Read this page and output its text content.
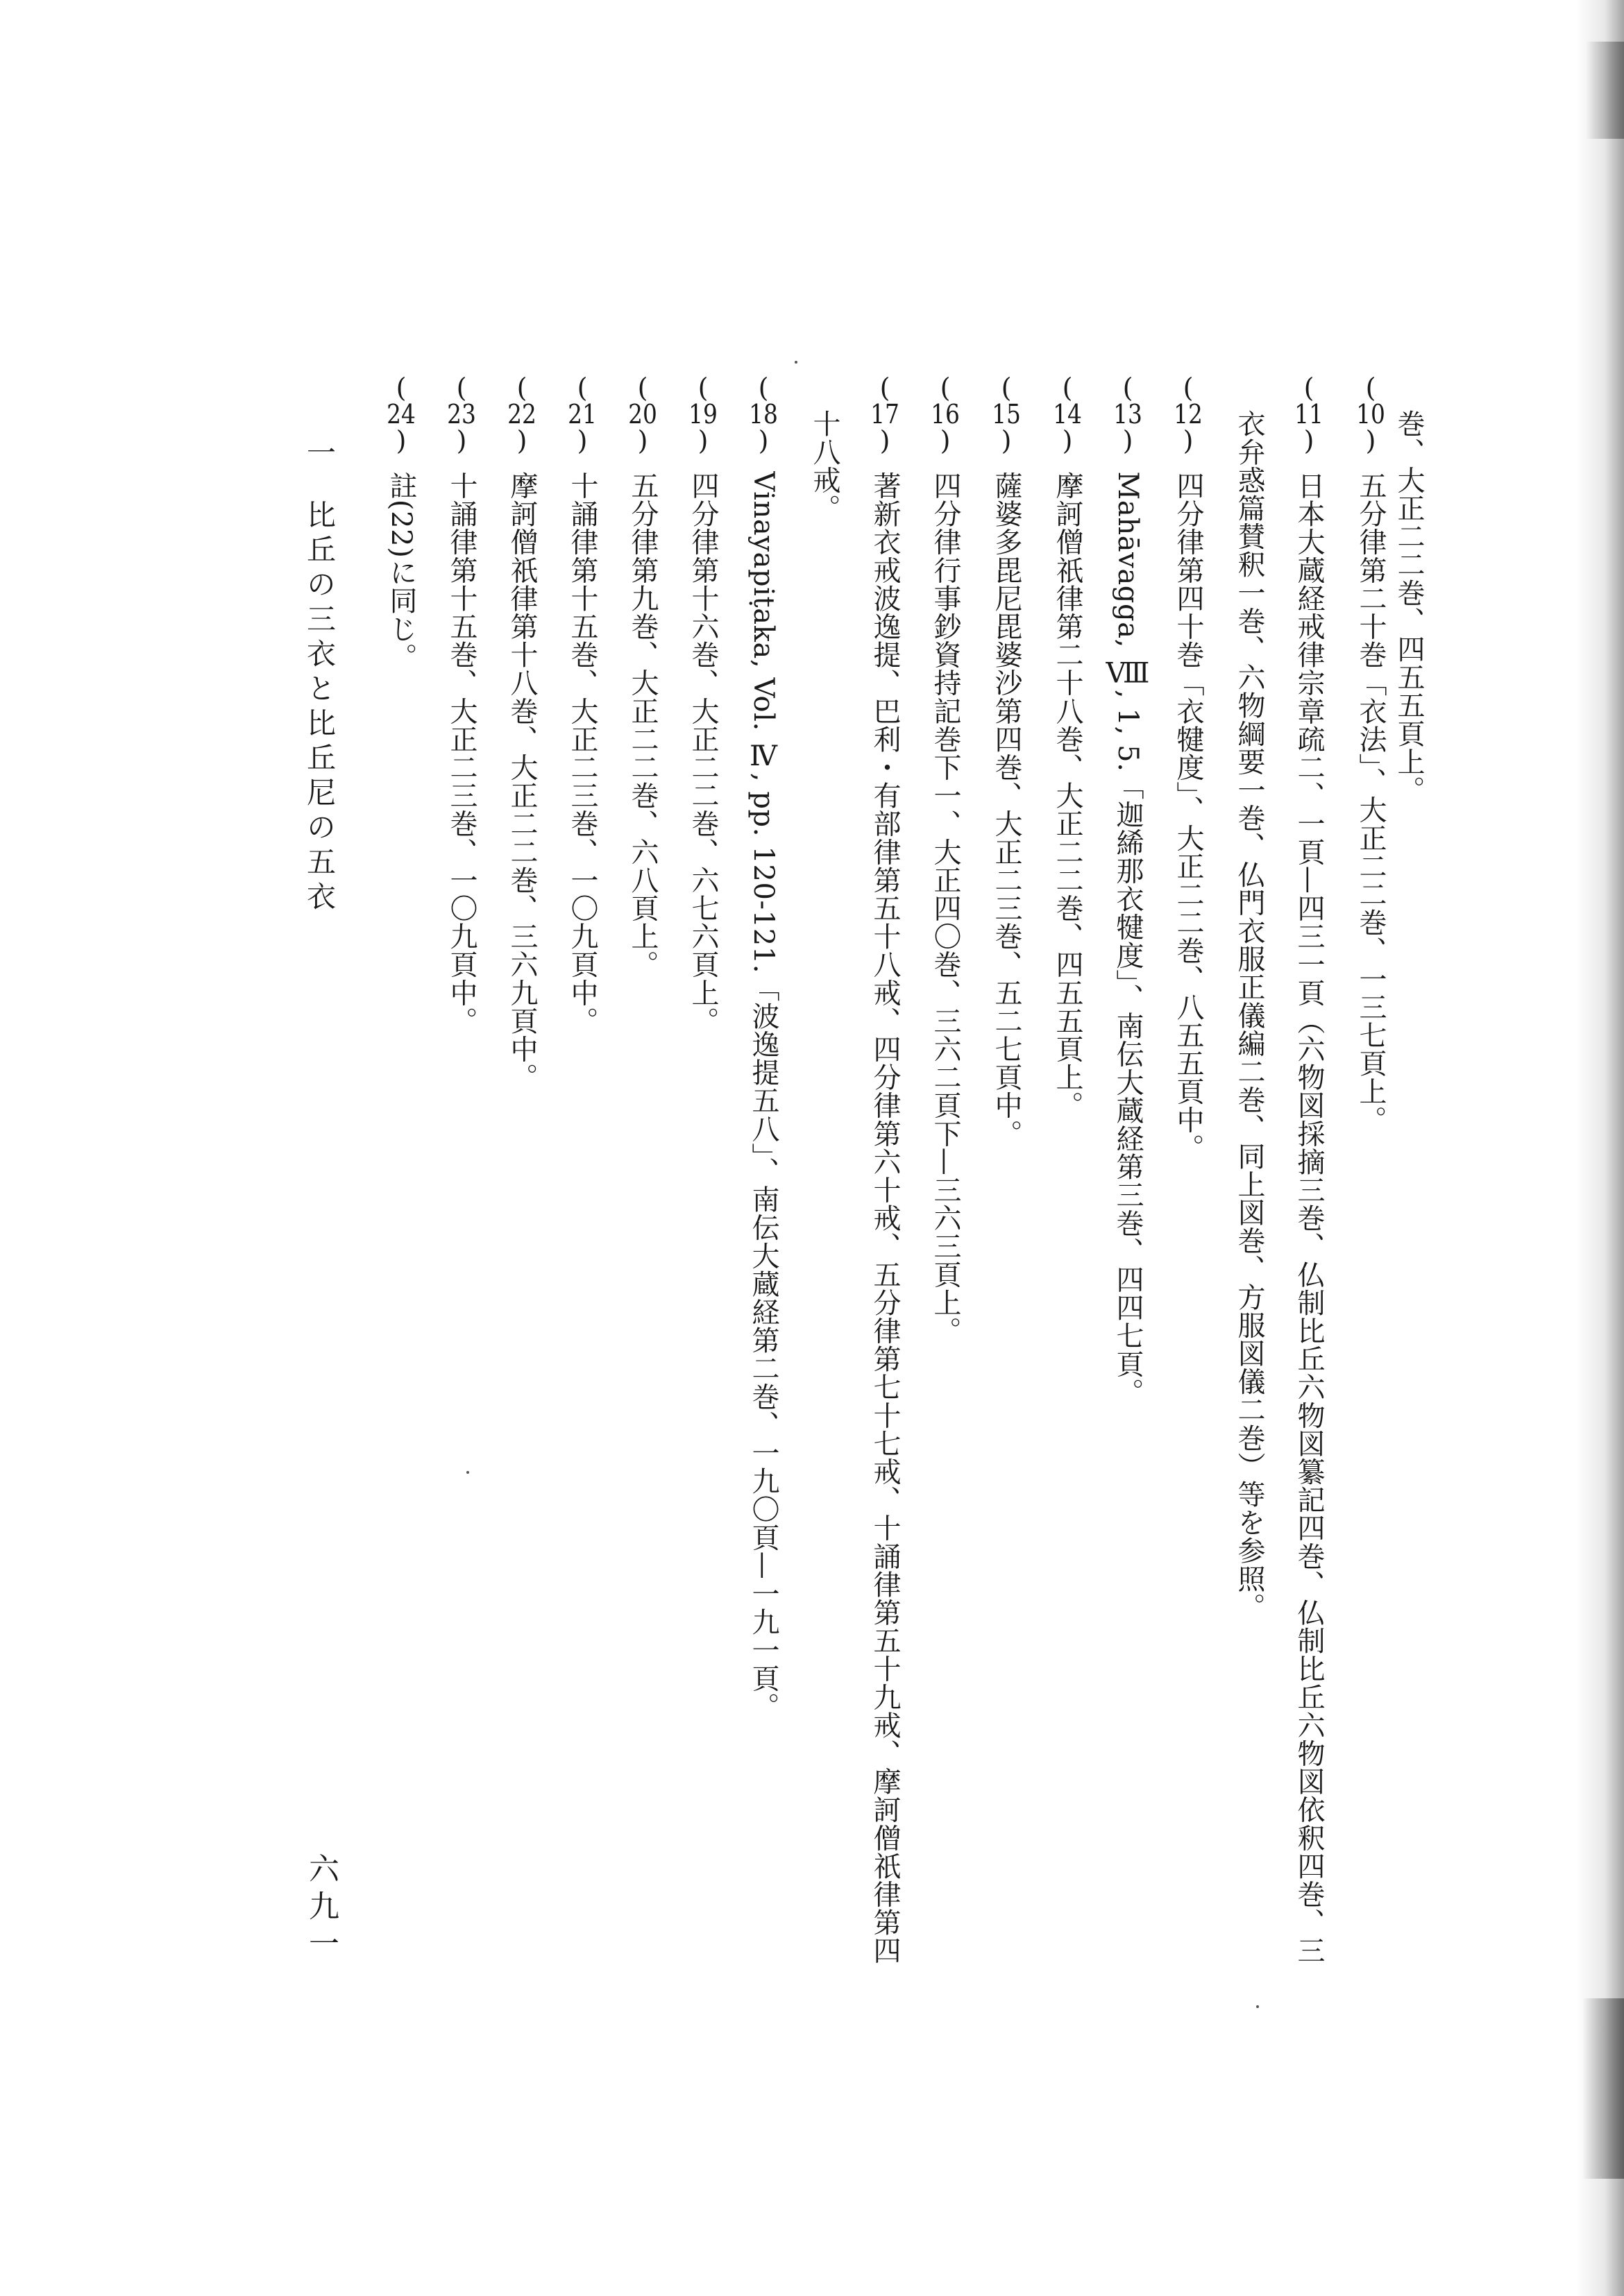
巻、大正二二巻、四五五頁上。
( 10 ) 五分律第二十巻「衣法」、大正二二巻、一三七頁上。
( 11 ) 日本大蔵経戒律宗章疏二、一頁—四三一頁（六物図採摘三巻、仏制比丘六物図纂記四巻、仏制比丘六物図依釈四巻、三
衣弁惑篇賛釈一巻、六物綱要一巻、仏門衣服正儀編二巻、同上図巻、方服図儀二巻）等を参照。
( 12 ) 四分律第四十巻「衣犍度」、大正二二巻、八五五頁中。
( 13 ) Mahāvagga, Ⅷ, 1, 5.「迦絺那衣犍度」、南伝大蔵経第三巻、四四七頁。
( 14 ) 摩訶僧祇律第二十八巻、大正二二巻、四五五頁上。
( 15 ) 薩婆多毘尼毘婆沙第四巻、大正二三巻、五二七頁中。
( 16 ) 四分律行事鈔資持記巻下一、大正四〇巻、三六二頁下—三六三頁上。
( 17 ) 著新衣戒波逸提、巴利・有部律第五十八戒、四分律第六十戒、五分律第七十七戒、十誦律第五十九戒、摩訶僧祇律第四
十八戒。
( 18 ) Vinayapiṭaka, Vol. Ⅳ, pp. 120-121.「波逸提五八」、南伝大蔵経第二巻、一九〇頁—一九一頁。
( 19 ) 四分律第十六巻、大正二二巻、六七六頁上。
( 20 ) 五分律第九巻、大正二二巻、六八頁上。
( 21 ) 十誦律第十五巻、大正二三巻、一〇九頁中。
( 22 ) 摩訶僧祇律第十八巻、大正二二巻、三六九頁中。
( 23 ) 十誦律第十五巻、大正二三巻、一〇九頁中。
( 24 ) 註(22)に同じ。
一
比丘の三衣と比丘尼の五衣
六九一
